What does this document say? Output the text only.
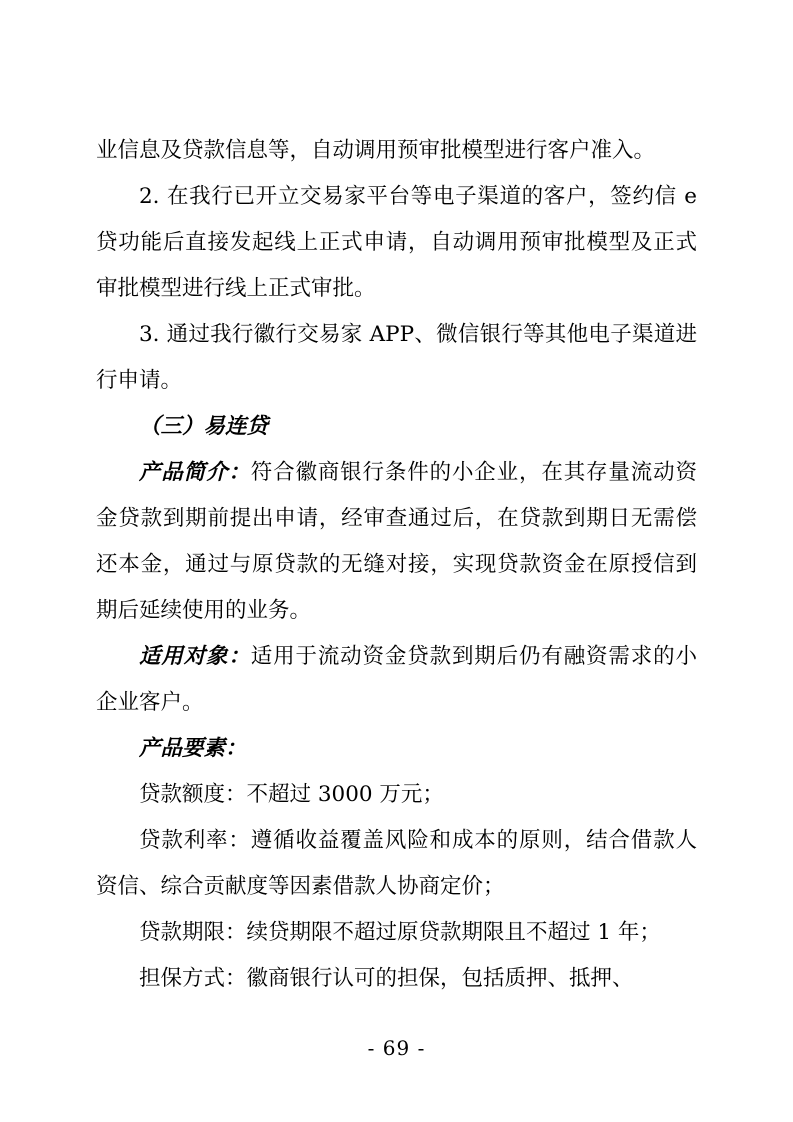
业信息及贷款信息等，自动调用预审批模型进行客户准入。

2. 在我行已开立交易家平台等电子渠道的客户，签约信 e 贷功能后直接发起线上正式申请，自动调用预审批模型及正式审批模型进行线上正式审批。

3. 通过我行徽行交易家 APP、微信银行等其他电子渠道进行申请。

（三）易连贷

产品简介：符合徽商银行条件的小企业，在其存量流动资金贷款到期前提出申请，经审查通过后，在贷款到期日无需偿还本金，通过与原贷款的无缝对接，实现贷款资金在原授信到期后延续使用的业务。

适用对象：适用于流动资金贷款到期后仍有融资需求的小企业客户。

产品要素：

贷款额度：不超过 3000 万元；

贷款利率：遵循收益覆盖风险和成本的原则，结合借款人资信、综合贡献度等因素借款人协商定价；

贷款期限：续贷期限不超过原贷款期限且不超过 1 年；

担保方式：徽商银行认可的担保，包括质押、抵押、

- 69 -
